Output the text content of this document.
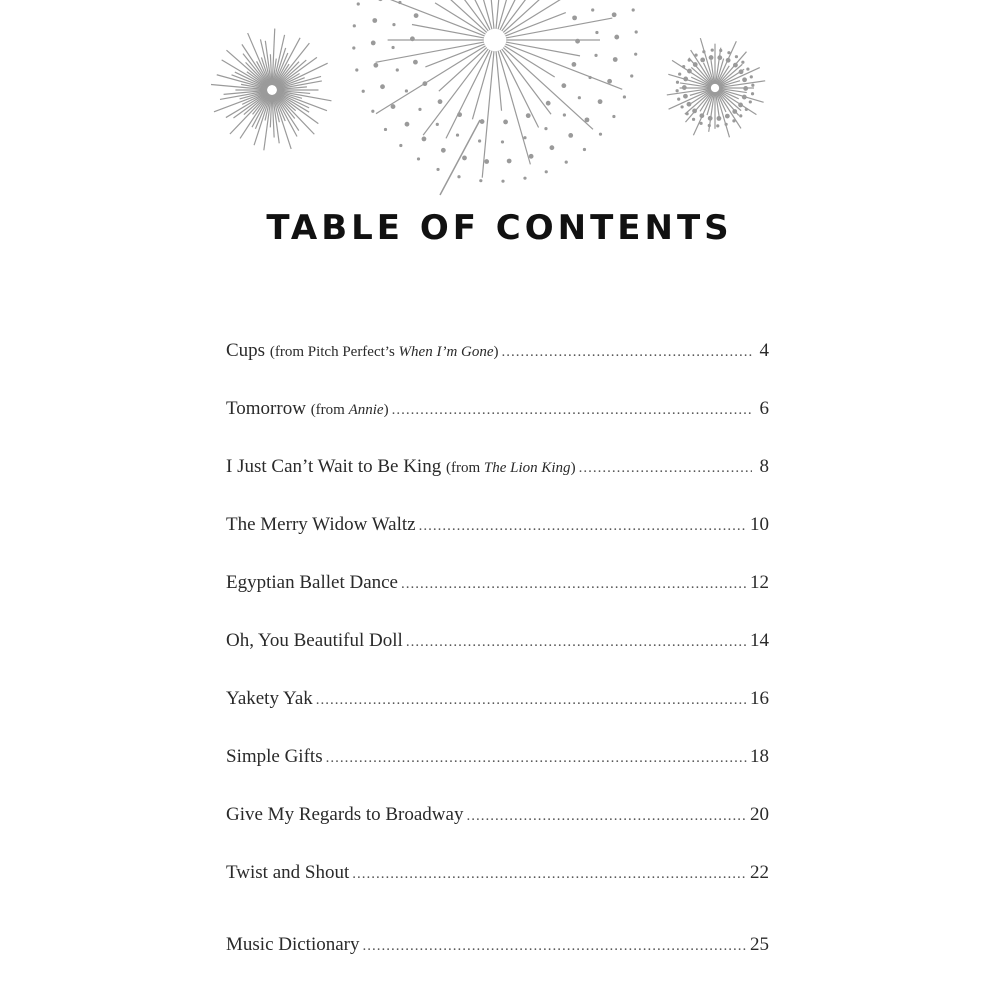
TABLE OF CONTENTS
Cups (from Pitch Perfect’s When I’m Gone) .....	4
Tomorrow (from Annie) .....	6
I Just Can’t Wait to Be King (from The Lion King) .....	8
The Merry Widow Waltz .....	10
Egyptian Ballet Dance .....	12
Oh, You Beautiful Doll .....	14
Yakety Yak .....	16
Simple Gifts .....	18
Give My Regards to Broadway .....	20
Twist and Shout .....	22
Music Dictionary .....	25
